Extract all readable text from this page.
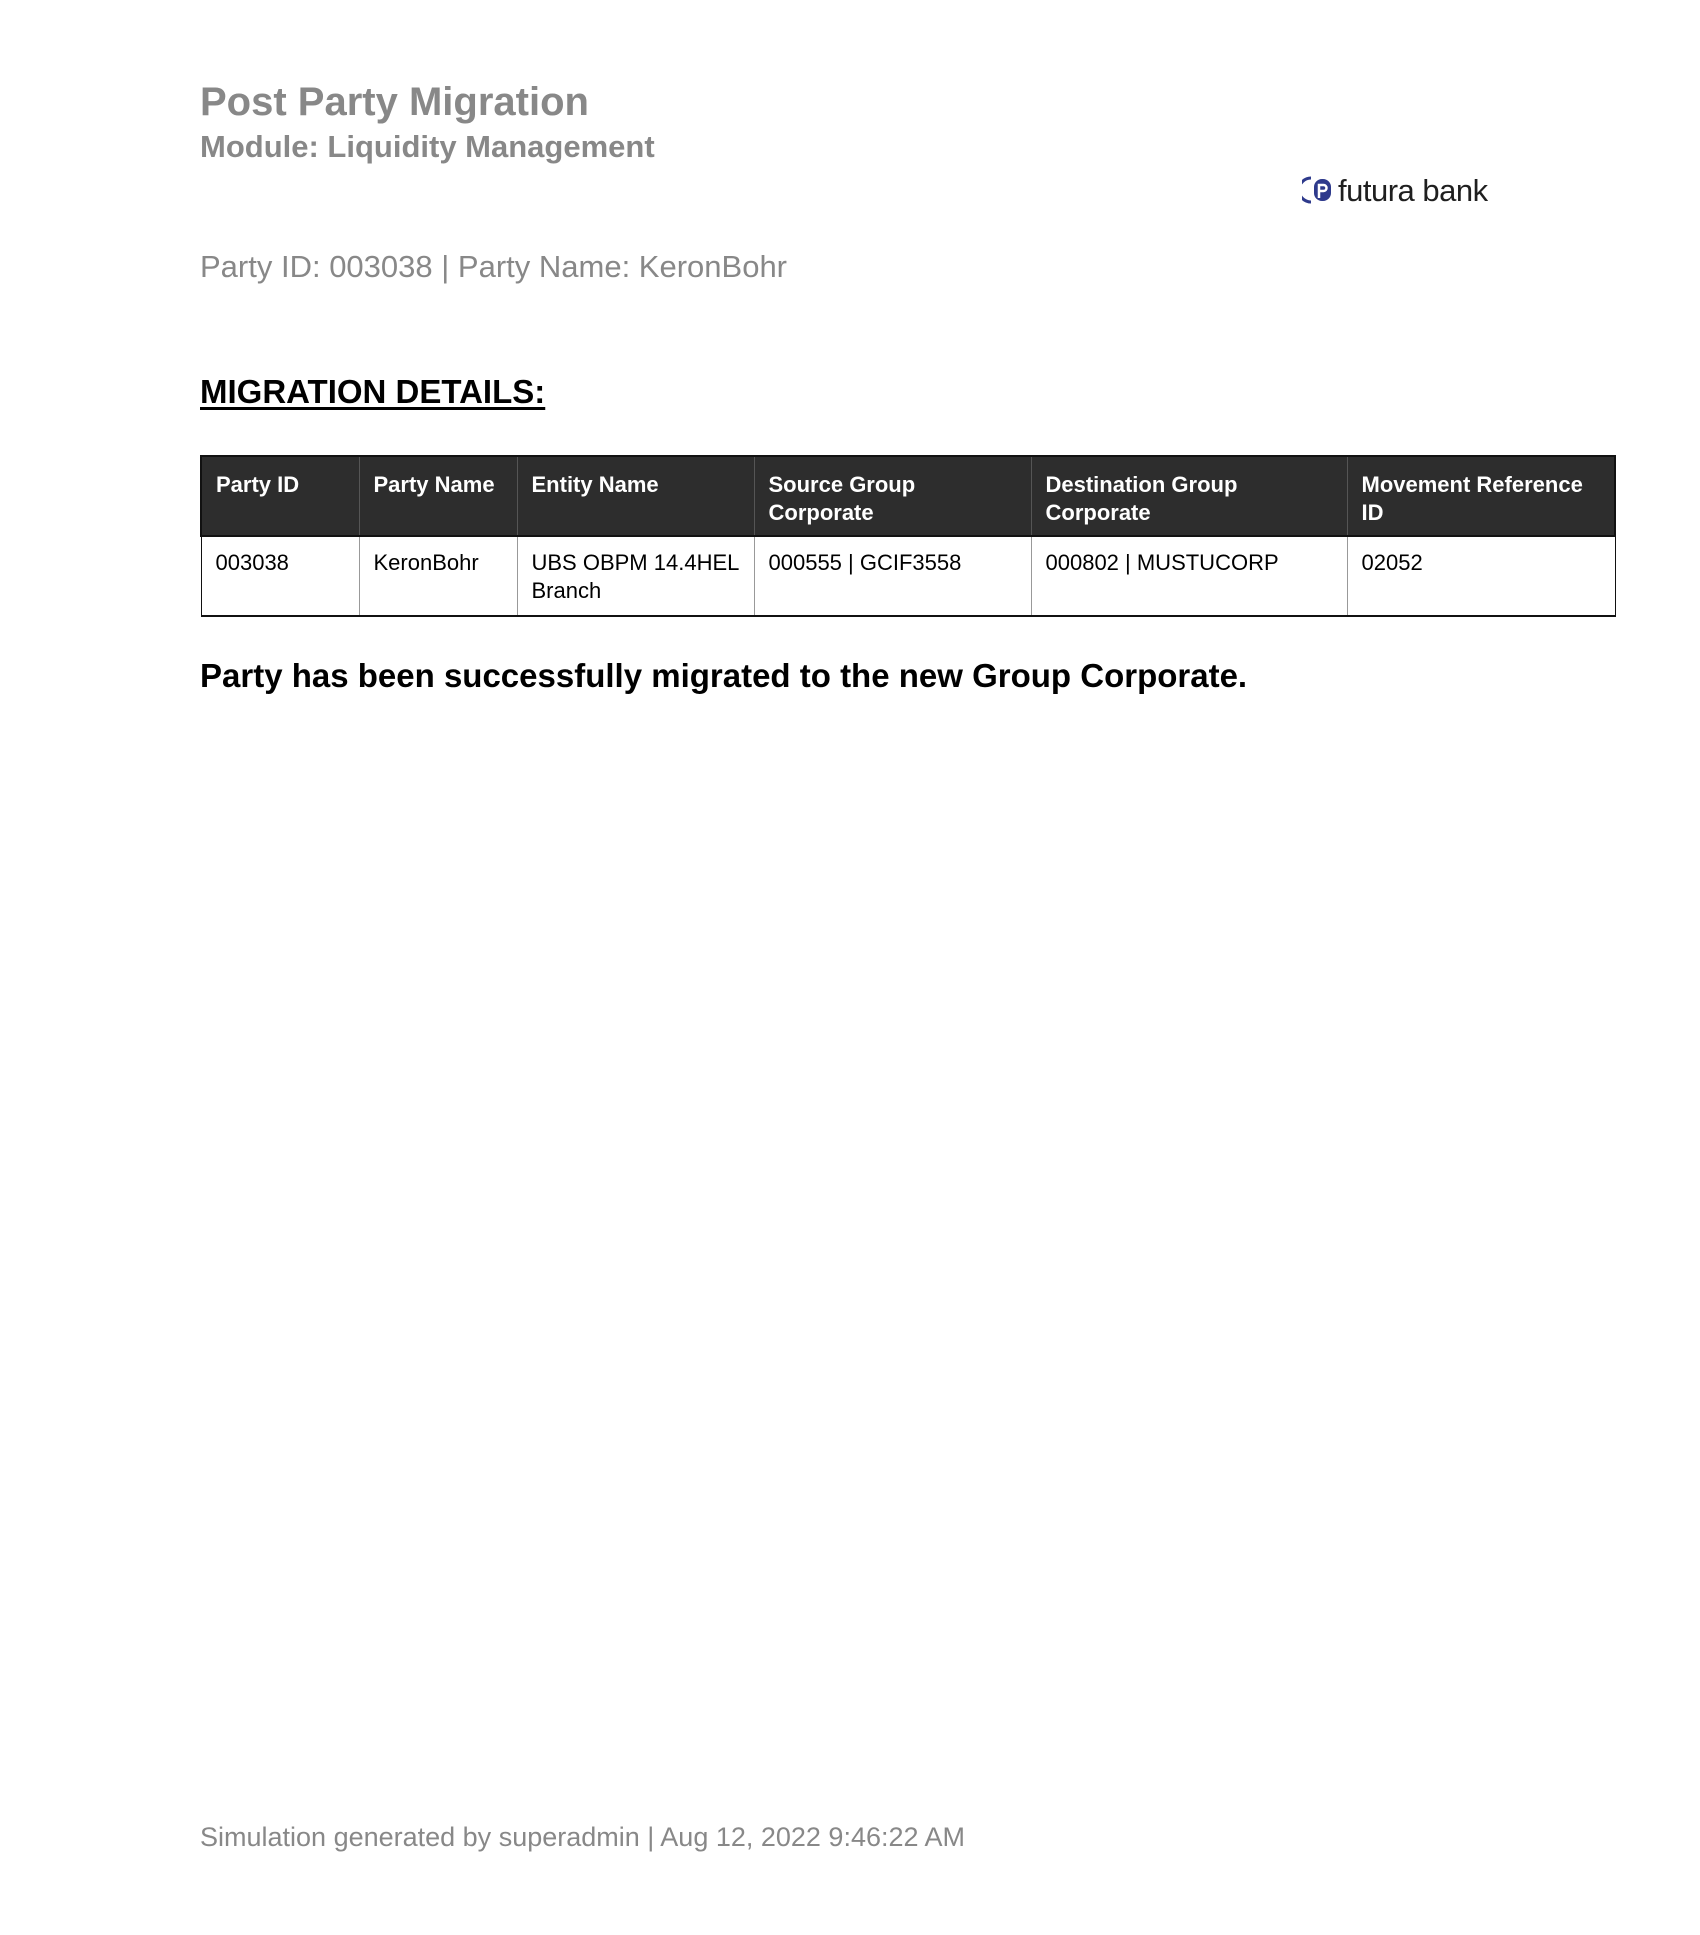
Post Party Migration
Module: Liquidity Management
futura bank

Party ID: 003038 | Party Name: KeronBohr

MIGRATION DETAILS:
Party ID	Party Name	Entity Name	Source Group Corporate	Destination Group Corporate	Movement Reference ID
003038	KeronBohr	UBS OBPM 14.4HEL Branch	000555 | GCIF3558	000802 | MUSTUCORP	02052

Party has been successfully migrated to the new Group Corporate.

Simulation generated by superadmin | Aug 12, 2022 9:46:22 AM
